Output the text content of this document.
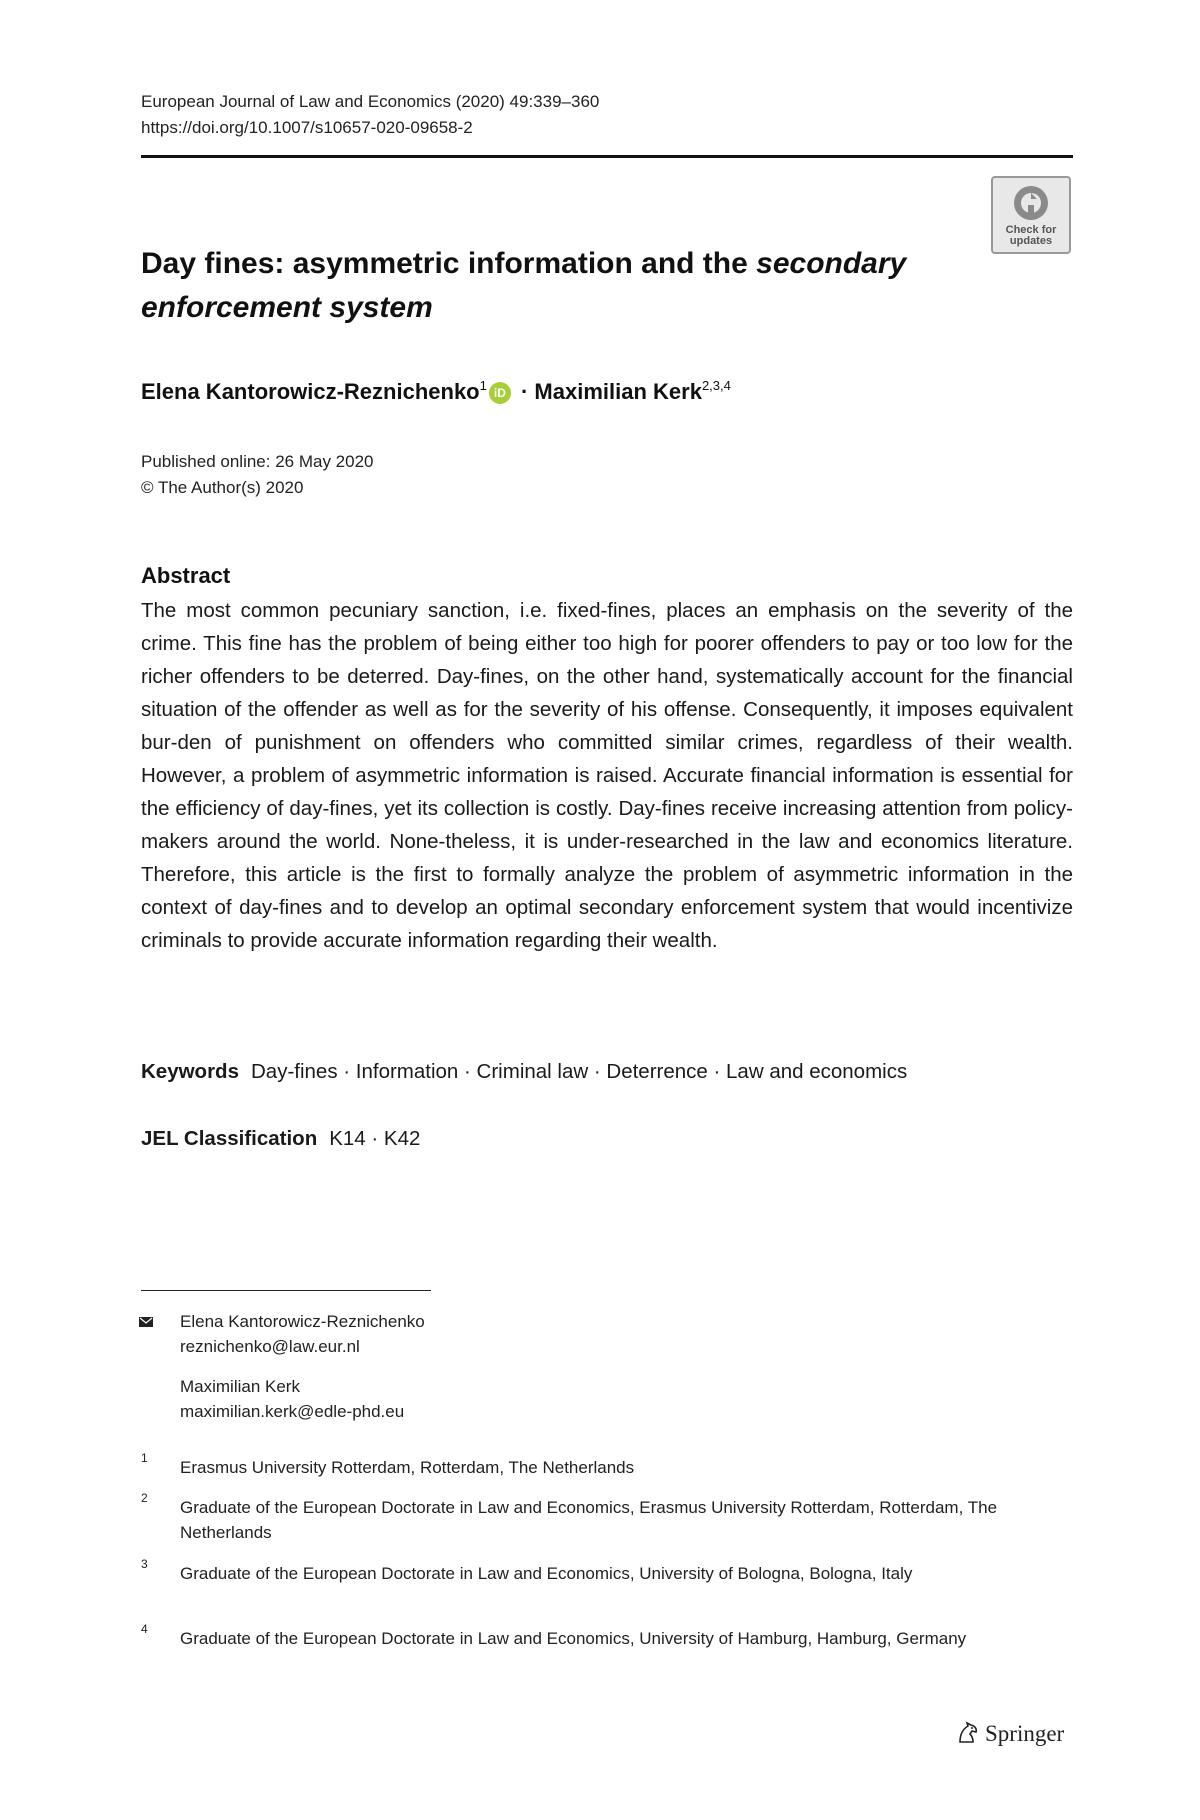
European Journal of Law and Economics (2020) 49:339–360
https://doi.org/10.1007/s10657-020-09658-2
Check for
updates
Day fines: asymmetric information and the secondary enforcement system
Elena Kantorowicz-Reznichenko$^1$ iD · Maximilian Kerk$^{2,3,4}$
Published online: 26 May 2020
© The Author(s) 2020
Abstract

The most common pecuniary sanction, i.e. fixed-fines, places an emphasis on the severity of the crime. This fine has the problem of being either too high for poorer offenders to pay or too low for the richer offenders to be deterred. Day-fines, on the other hand, systematically account for the financial situation of the offender as well as for the severity of his offense. Consequently, it imposes equivalent bur-den of punishment on offenders who committed similar crimes, regardless of their wealth. However, a problem of asymmetric information is raised. Accurate financial information is essential for the efficiency of day-fines, yet its collection is costly. Day-fines receive increasing attention from policy-makers around the world. None-theless, it is under-researched in the law and economics literature. Therefore, this article is the first to formally analyze the problem of asymmetric information in the context of day-fines and to develop an optimal secondary enforcement system that would incentivize criminals to provide accurate information regarding their wealth.

Keywords Day-fines · Information · Criminal law · Deterrence · Law and economics
JEL Classification K14 · K42
Elena Kantorowicz-Reznichenko
reznichenko@law.eur.nl
Maximilian Kerk
maximilian.kerk@edle-phd.eu
1 Erasmus University Rotterdam, Rotterdam, The Netherlands
2 Graduate of the European Doctorate in Law and Economics, Erasmus University Rotterdam, Rotterdam, The Netherlands
3 Graduate of the European Doctorate in Law and Economics, University of Bologna, Bologna, Italy
4 Graduate of the European Doctorate in Law and Economics, University of Hamburg, Hamburg, Germany
Springer
